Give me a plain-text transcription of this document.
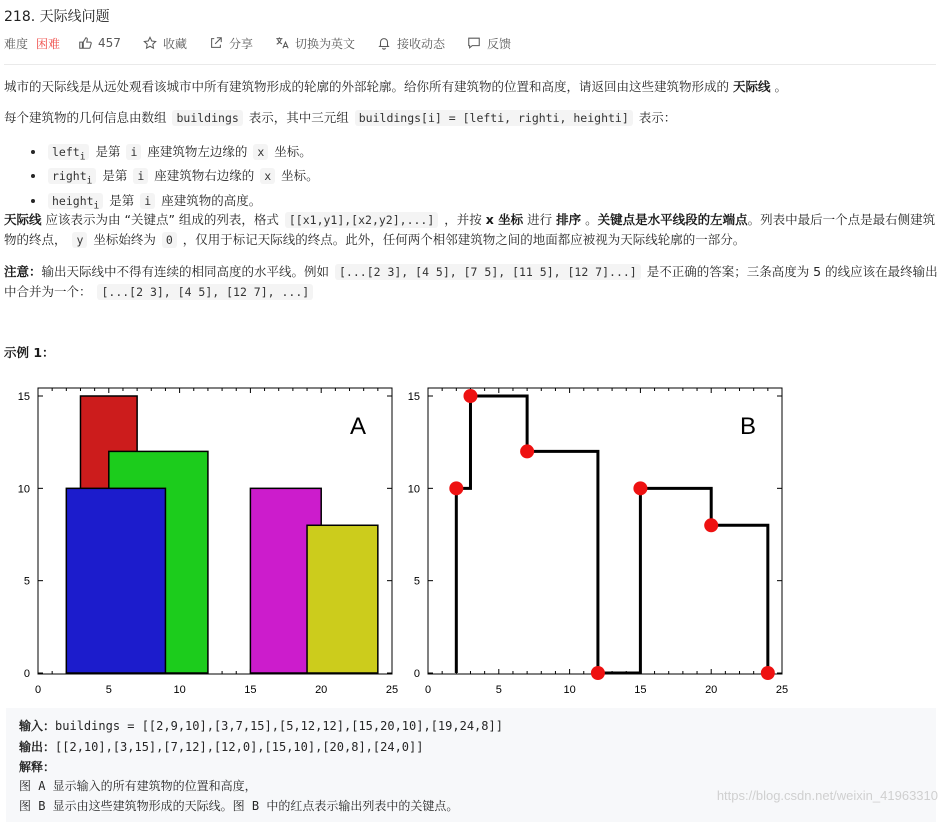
218. 天际线问题
难度 困难	457	收藏	分享	切换为英文	接收动态	反馈
城市的天际线是从远处观看该城市中所有建筑物形成的轮廓的外部轮廓。给你所有建筑物的位置和高度，请返回由这些建筑物形成的 天际线 。
每个建筑物的几何信息由数组 buildings 表示，其中三元组 buildings[i] = [lefti, righti, heighti] 表示：
• left$_i$ 是第 i 座建筑物左边缘的 x 坐标。
• right$_i$ 是第 i 座建筑物右边缘的 x 坐标。
• height$_i$ 是第 i 座建筑物的高度。
天际线 应该表示为由 “关键点” 组成的列表，格式 [[x1,y1],[x2,y2],...] ，并按 x 坐标 进行 排序 。关键点是水平线段的左端点。列表中最后一个点是最右侧建筑物的终点， y 坐标始终为 0 ，仅用于标记天际线的终点。此外，任何两个相邻建筑物之间的地面都应被视为天际线轮廓的一部分。
注意：输出天际线中不得有连续的相同高度的水平线。例如 [...[2 3], [4 5], [7 5], [11 5], [12 7]...] 是不正确的答案；三条高度为 5 的线应该在最终输出中合并为一个： [...[2 3], [4 5], [12 7], ...]
示例 1：
0	5	10	15	20	25
0
5
10
15
A
0	5	10	15	20	25
0
5
10
15
B
输入：buildings = [[2,9,10],[3,7,15],[5,12,12],[15,20,10],[19,24,8]]
输出：[[2,10],[3,15],[7,12],[12,0],[15,10],[20,8],[24,0]]
解释：
图 A 显示输入的所有建筑物的位置和高度，
图 B 显示由这些建筑物形成的天际线。图 B 中的红点表示输出列表中的关键点。
https://blog.csdn.net/weixin_41963310
